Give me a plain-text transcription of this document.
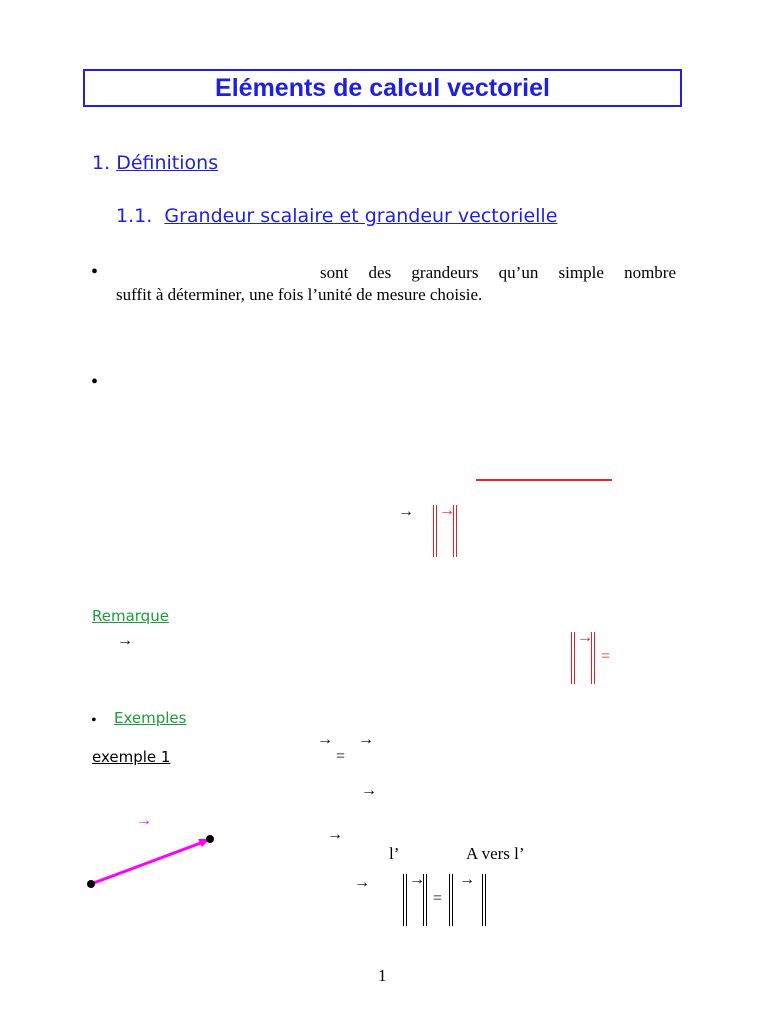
Eléments de calcul vectoriel
1. Définitions
1.1. Grandeur scalaire et grandeur vectorielle
•	sont des grandeurs qu’un simple nombre
suffit à déterminer, une fois l’unité de mesure choisie.
•
→ →
Remarque
→	→
=
• Exemples
exemple 1
→ →
=
→
→
→
l’	A vers l’
→ →
=
→
1
